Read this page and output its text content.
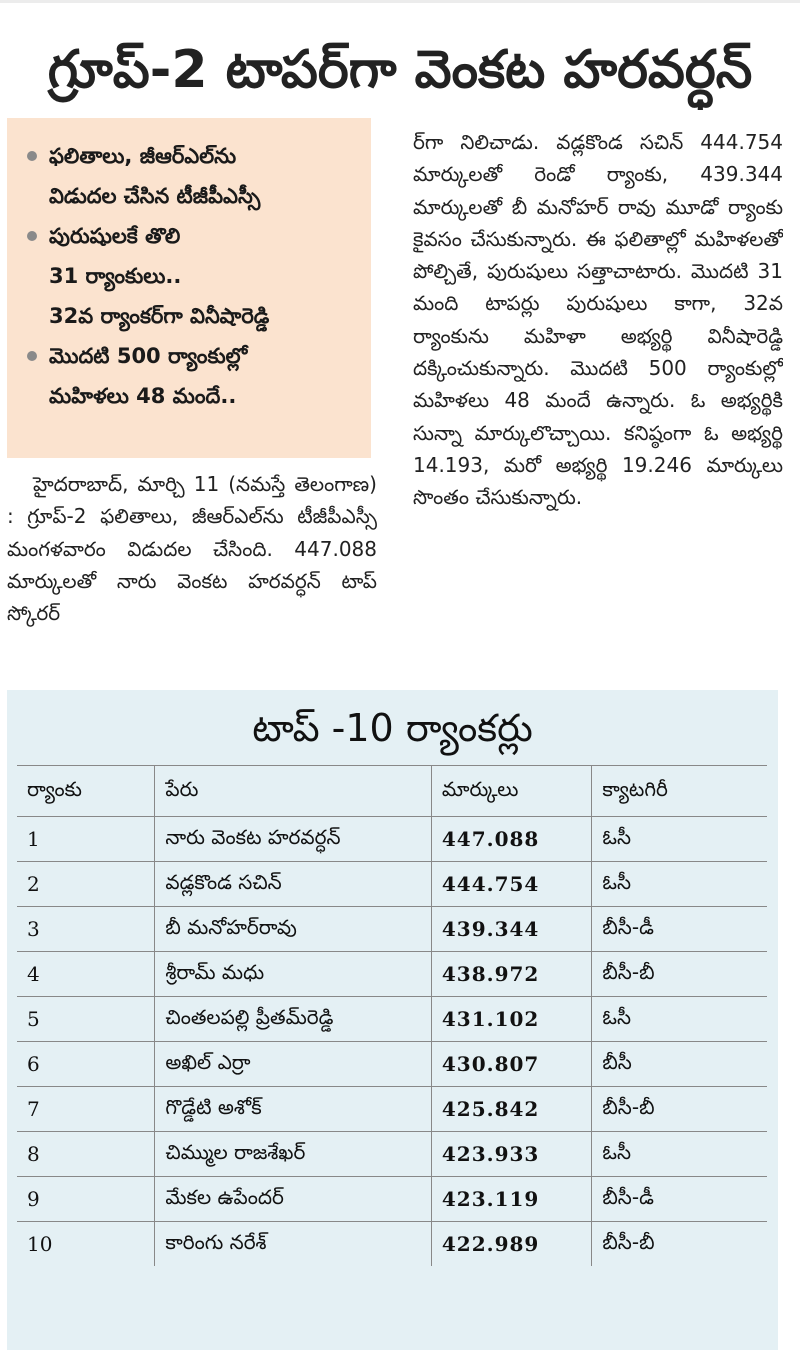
గ్రూప్‌-2 టాపర్‌గా వెంకట హరవర్ధన్‌
ఫలితాలు, జీఆర్‌ఎల్‌ను
విడుదల చేసిన టీజీపీఎస్సీ
పురుషులకే తొలి
31 ర్యాంకులు..
32వ ర్యాంకర్‌గా వినీషారెడ్డి
మొదటి 500 ర్యాంకుల్లో
మహిళలు 48 మందే..
హైదరాబాద్‌, మార్చి 11 (నమస్తే తెలంగాణ) : గ్రూప్‌-2 ఫలితాలు, జీఆర్‌ఎల్‌ను టీజీపీఎస్సీ మంగళవారం విడుదల చేసింది. 447.088 మార్కులతో నారు వెంకట హరవర్ధన్‌ టాప్‌ స్కోరర్‌
ర్‌గా నిలిచాడు. వడ్లకొండ సచిన్‌ 444.754 మార్కులతో రెండో ర్యాంకు, 439.344 మార్కులతో బీ మనోహర్‌ రావు మూడో ర్యాంకు కైవసం చేసుకున్నారు. ఈ ఫలితాల్లో మహిళలతో పోల్చితే, పురుషులు సత్తాచాటారు. మొదటి 31 మంది టాపర్లు పురుషులు కాగా, 32వ ర్యాంకును మహిళా అభ్యర్థి వినీషారెడ్డి దక్కించుకున్నారు. మొదటి 500 ర్యాంకుల్లో మహిళలు 48 మందే ఉన్నారు. ఓ అభ్యర్థికి సున్నా మార్కులొచ్చాయి. కనిష్ఠంగా ఓ అభ్యర్థి 14.193, మరో అభ్యర్థి 19.246 మార్కులు సొంతం చేసుకున్నారు.
టాప్‌ -10 ర్యాంకర్లు
ర్యాంకు	పేరు	మార్కులు	క్యాటగిరీ
1	నారు వెంకట హరవర్ధన్‌	447.088	ఓసీ
2	వడ్లకొండ సచిన్‌	444.754	ఓసీ
3	బీ మనోహర్‌రావు	439.344	బీసీ-డీ
4	శ్రీరామ్‌ మధు	438.972	బీసీ-బీ
5	చింతలపల్లి ప్రీతమ్‌రెడ్డి	431.102	ఓసీ
6	అఖిల్‌ ఎర్రా	430.807	బీసీ
7	గొడ్డేటి అశోక్‌	425.842	బీసీ-బీ
8	చిమ్ముల రాజశేఖర్‌	423.933	ఓసీ
9	మేకల ఉపేందర్‌	423.119	బీసీ-డీ
10	కారింగు నరేశ్‌	422.989	బీసీ-బీ
